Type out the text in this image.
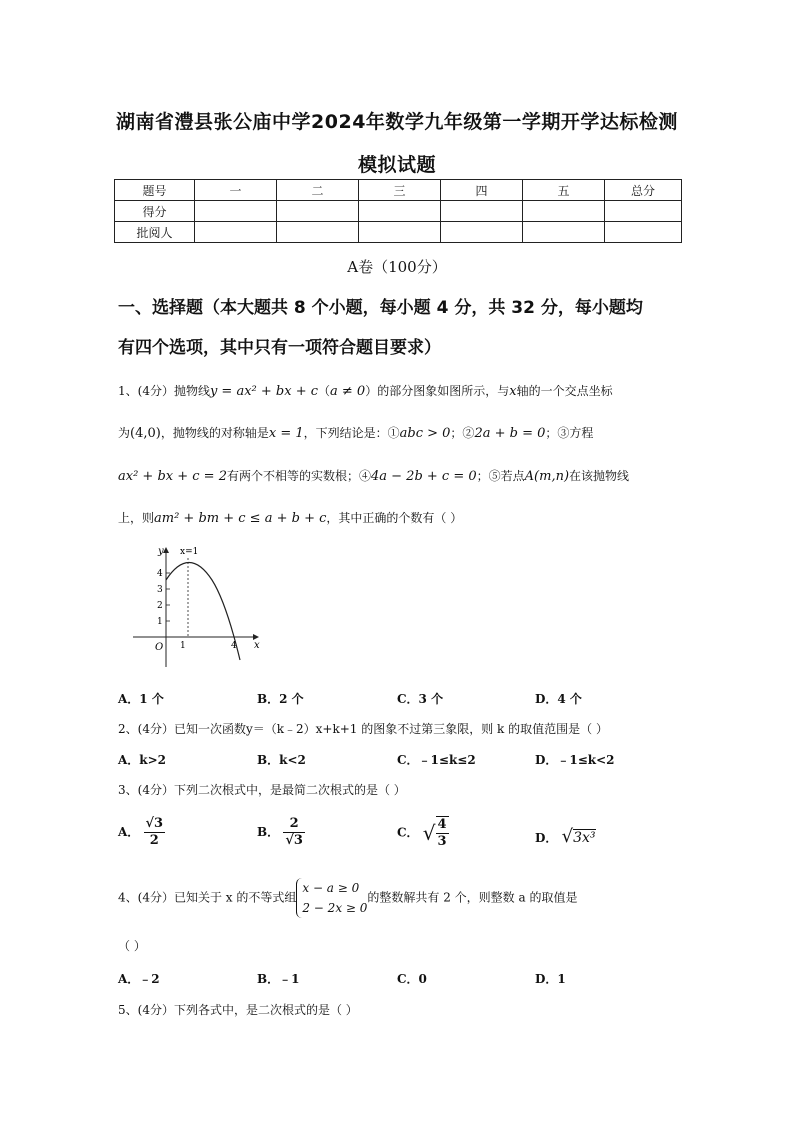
湖南省澧县张公庙中学2024年数学九年级第一学期开学达标检测
模拟试题
题号	一	二	三	四	五	总分
得分						
批阅人						
A卷（100分）
一、选择题（本大题共 8 个小题，每小题 4 分，共 32 分，每小题均
有四个选项，其中只有一项符合题目要求）
1、(4分）抛物线y = ax² + bx + c（a ≠ 0）的部分图象如图所示，与x轴的一个交点坐标
为(4,0)，抛物线的对称轴是x = 1，下列结论是：①abc > 0；②2a + b = 0；③方程
ax² + bx + c = 2有两个不相等的实数根；④4a − 2b + c = 0；⑤若点A(m,n)在该抛物线
上，则am² + bm + c ≤ a + b + c，其中正确的个数有（ ）
y
x
x=1
O
4
3
2
1
1	4
A．1 个	B．2 个	C．3 个	D．4 个
2、(4分）已知一次函数y＝（k﹣2）x+k+1 的图象不过第三象限，则 k 的取值范围是（ ）
A．k>2	B．k<2	C．﹣1≤k≤2	D．﹣1≤k<2
3、(4分）下列二次根式中，是最简二次根式的是（ ）
A． $\frac{√3}{2}$	B． $\frac{2}{√3}$	C． √ $\frac{4}{3}$	D． √3x³
4、(4分）已知关于 x 的不等式组
x − a ≥ 0
2 − 2x ≥ 0
的整数解共有 2 个，则整数 a 的取值是
（ ）
A．﹣2	B．﹣1	C．0	D．1
5、(4分）下列各式中，是二次根式的是（ ）
